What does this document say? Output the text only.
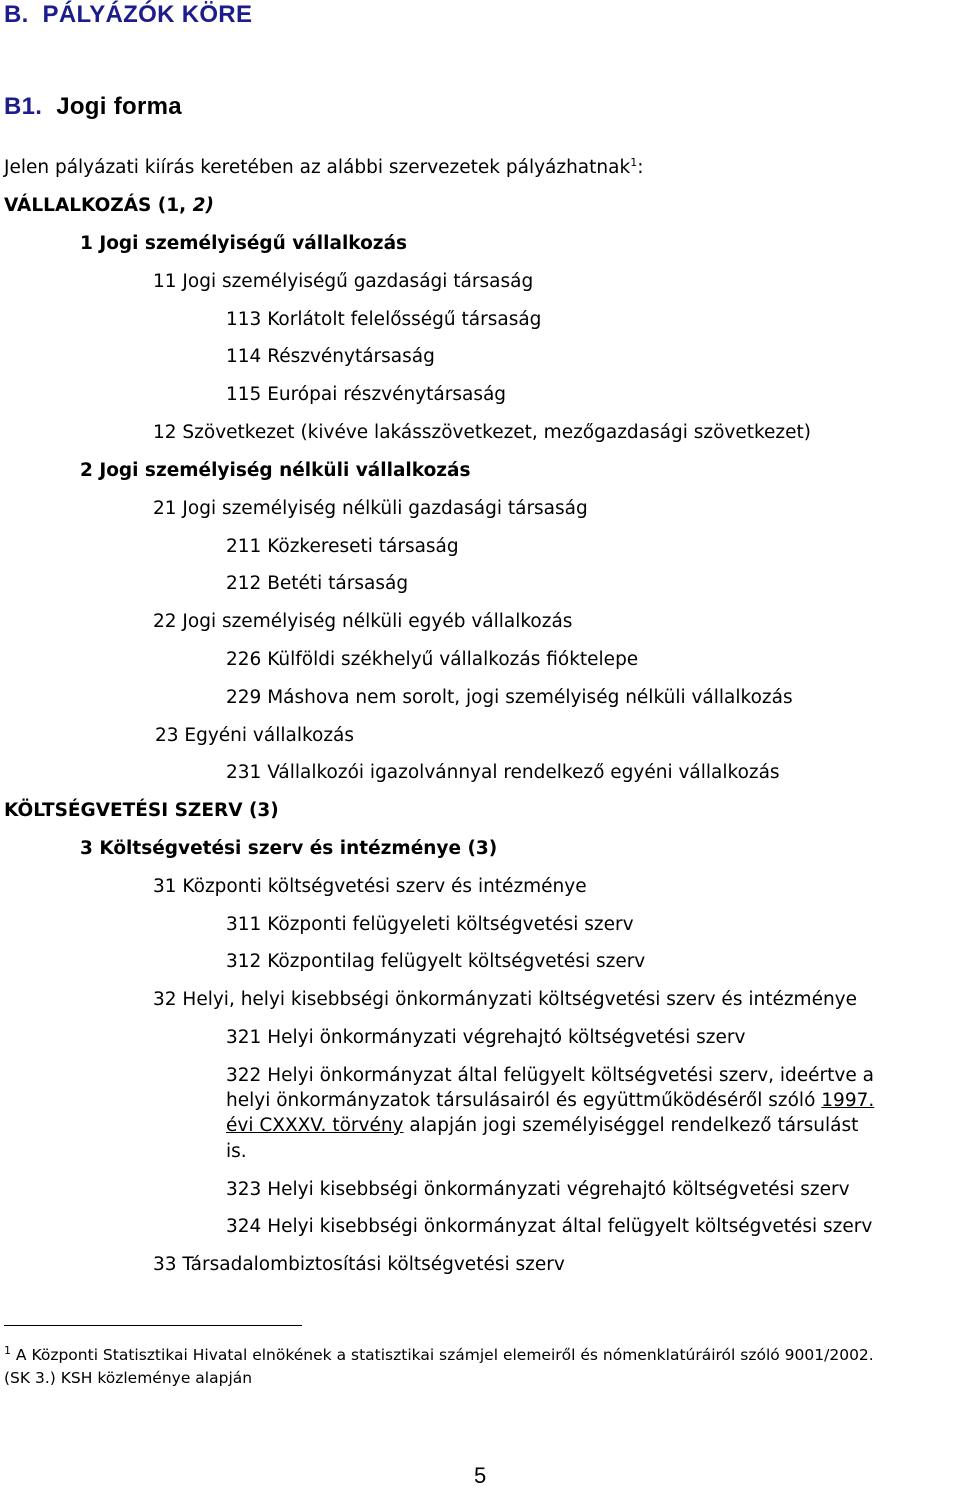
B. PÁLYÁZÓK KÖRE
B1. Jogi forma
Jelen pályázati kiírás keretében az alábbi szervezetek pályázhatnak$^1$:
VÁLLALKOZÁS (1, 2)
1 Jogi személyiségű vállalkozás
11 Jogi személyiségű gazdasági társaság
113 Korlátolt felelősségű társaság
114 Részvénytársaság
115 Európai részvénytársaság
12 Szövetkezet (kivéve lakásszövetkezet, mezőgazdasági szövetkezet)
2 Jogi személyiség nélküli vállalkozás
21 Jogi személyiség nélküli gazdasági társaság
211 Közkereseti társaság
212 Betéti társaság
22 Jogi személyiség nélküli egyéb vállalkozás
226 Külföldi székhelyű vállalkozás fióktelepe
229 Máshova nem sorolt, jogi személyiség nélküli vállalkozás
23 Egyéni vállalkozás
231 Vállalkozói igazolvánnyal rendelkező egyéni vállalkozás
KÖLTSÉGVETÉSI SZERV (3)
3 Költségvetési szerv és intézménye (3)
31 Központi költségvetési szerv és intézménye
311 Központi felügyeleti költségvetési szerv
312 Központilag felügyelt költségvetési szerv
32 Helyi, helyi kisebbségi önkormányzati költségvetési szerv és intézménye
321 Helyi önkormányzati végrehajtó költségvetési szerv
322 Helyi önkormányzat által felügyelt költségvetési szerv, ideértve a
helyi önkormányzatok társulásairól és együttműködéséről szóló 1997.
évi CXXXV. törvény alapján jogi személyiséggel rendelkező társulást
is.
323 Helyi kisebbségi önkormányzati végrehajtó költségvetési szerv
324 Helyi kisebbségi önkormányzat által felügyelt költségvetési szerv
33 Társadalombiztosítási költségvetési szerv
$^1$ A Központi Statisztikai Hivatal elnökének a statisztikai számjel elemeiről és nómenklatúráiról szóló 9001/2002.
(SK 3.) KSH közleménye alapján
5
